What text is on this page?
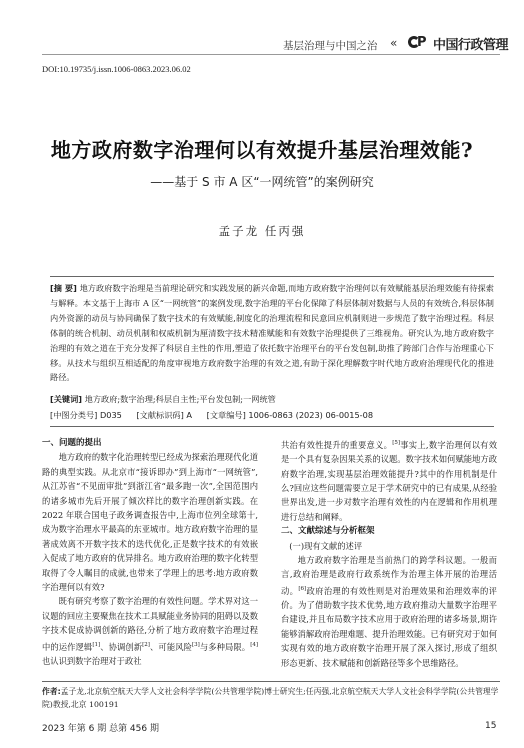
基层治理与中国之治 « P 中国行政管理
DOI:10.19735/j.issn.1006-0863.2023.06.02
地方政府数字治理何以有效提升基层治理效能?
——基于 S 市 A 区“一网统管”的案例研究
孟子龙 任丙强
[摘 要] 地方政府数字治理是当前理论研究和实践发展的新兴命题,而地方政府数字治理何以有效赋能基层治理效能有待探索与解释。本文基于上海市 A 区“一网统管”的案例发现,数字治理的平台化保障了科层体制对数据与人员的有效统合,科层体制内外资源的动员与协同确保了数字技术的有效赋能,制度化的治理流程和民意回应机制则进一步规范了数字治理过程。科层体制的统合机制、动员机制和权威机制为厘清数字技术精准赋能和有效数字治理提供了三维视角。研究认为,地方政府数字治理的有效之道在于充分发挥了科层自主性的作用,塑造了依托数字治理平台的平台发包制,助推了跨部门合作与治理重心下移。从技术与组织互相适配的角度审视地方政府数字治理的有效之道,有助于深化理解数字时代地方政府治理现代化的推进路径。
[关键词] 地方政府;数字治理;科层自主性;平台发包制;一网统管
[中图分类号] D035 [文献标识码] A [文章编号] 1006-0863 (2023) 06-0015-08
一、问题的提出

地方政府的数字化治理转型已经成为探索治理现代化道路的典型实践。从北京市“接诉即办”到上海市“一网统管”,从江苏省“不见面审批”到浙江省“最多跑一次”,全国范围内的诸多城市先后开展了倾次样比的数字治理创新实践。在 2022 年联合国电子政务调查报告中,上海市位列全球第十,成为数字治理水平最高的东亚城市。地方政府数字治理的显著成效离不开数字技术的迭代优化,正是数字技术的有效嵌入促成了地方政府的优异排名。地方政府治理的数字化转型取得了令人瞩目的成就,也带来了学理上的思考:地方政府数字治理何以有效?

既有研究考察了数字治理的有效性问题。学术界对这一议题的回应主要聚焦在技术工具赋能业务协同的阻碍以及数字技术促成协调创新的路径,分析了地方政府数字治理过程中的运作逻辑[1]、协调创新[2]、可能风险[3]与多种局限。[4]也认识到数字治理对于政社

共治有效性提升的重要意义。[5]事实上,数字治理何以有效是一个具有复杂因果关系的议题。数字技术如何赋能地方政府数字治理,实现基层治理效能提升?其中的作用机制是什么?回应这些问题需要立足于学术研究中的已有成果,从经验世界出发,进一步对数字治理有效性的内在逻辑和作用机理进行总结和阐释。

二、文献综述与分析框架
(一)现有文献的述评

地方政府数字治理是当前热门的跨学科议题。一般而言,政府治理是政府行政系统作为治理主体开展的治理活动。[6]政府治理的有效性则是对治理效果和治理效率的评价。为了借助数字技术优势,地方政府推动大量数字治理平台建设,并且布局数字技术应用于政府治理的诸多场景,期许能够消解政府治理难题、提升治理效能。已有研究对于如何实现有效的地方政府数字治理开展了深入探讨,形成了组织形态更新、技术赋能和创新路径等多个思维路径。

作者:孟子龙,北京航空航天大学人文社会科学学院(公共管理学院)博士研究生;任丙强,北京航空航天大学人文社会科学学院(公共管理学院)教授,北京 100191
2023 年第 6 期 总第 456 期	15
